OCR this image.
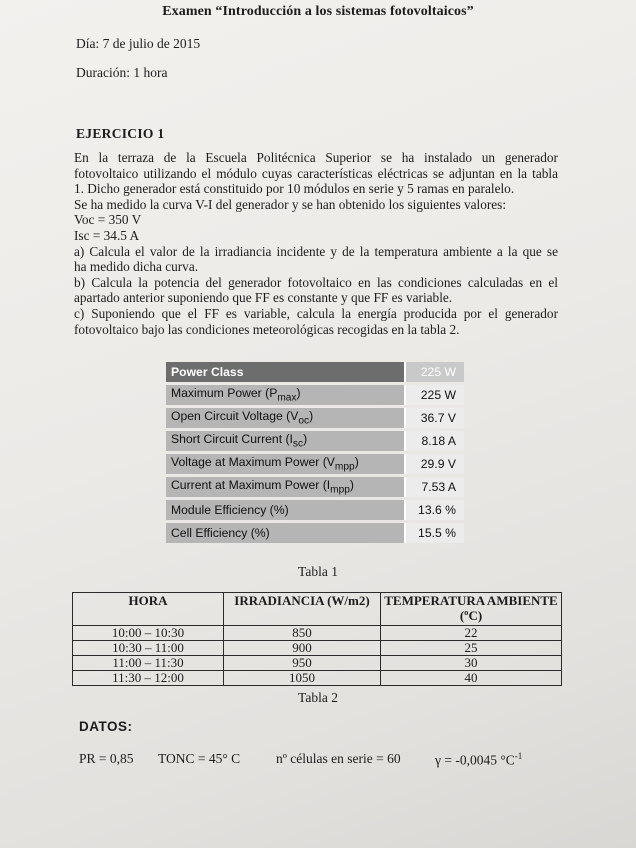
Examen “Introducción a los sistemas fotovoltaicos”
Día: 7 de julio de 2015
Duración: 1 hora
EJERCICIO 1

En la terraza de la Escuela Politécnica Superior se ha instalado un generador

fotovoltaico utilizando el módulo cuyas características eléctricas se adjuntan en la tabla

1. Dicho generador está constituido por 10 módulos en serie y 5 ramas en paralelo.

Se ha medido la curva V-I del generador y se han obtenido los siguientes valores:

Voc = 350 V

Isc = 34.5 A

a) Calcula el valor de la irradiancia incidente y de la temperatura ambiente a la que se

ha medido dicha curva.

b) Calcula la potencia del generador fotovoltaico en las condiciones calculadas en el

apartado anterior suponiendo que FF es constante y que FF es variable.

c) Suponiendo que el FF es variable, calcula la energía producida por el generador

fotovoltaico bajo las condiciones meteorológicas recogidas en la tabla 2.

Power Class	225 W
Maximum Power $(P_{max})$	225 W
Open Circuit Voltage $(V_{oc})$	36.7 V
Short Circuit Current $(I_{sc})$	8.18 A
Voltage at Maximum Power $(V_{mpp})$	29.9 V
Current at Maximum Power $(I_{mpp})$	7.53 A
Module Efficiency (%)	13.6 %
Cell Efficiency (%)	15.5 %
Tabla 1
HORA	IRRADIANCIA (W/m2)	TEMPERATURA AMBIENTE (ºC)
10:00 – 10:30	850	22
10:30 – 11:00	900	25
11:00 – 11:30	950	30
11:30 – 12:00	1050	40
Tabla 2
DATOS:
PR = 0,85 TONC = 45° C	nº células en serie = 60	γ = -0,0045 $^\circ C^{-1}$
